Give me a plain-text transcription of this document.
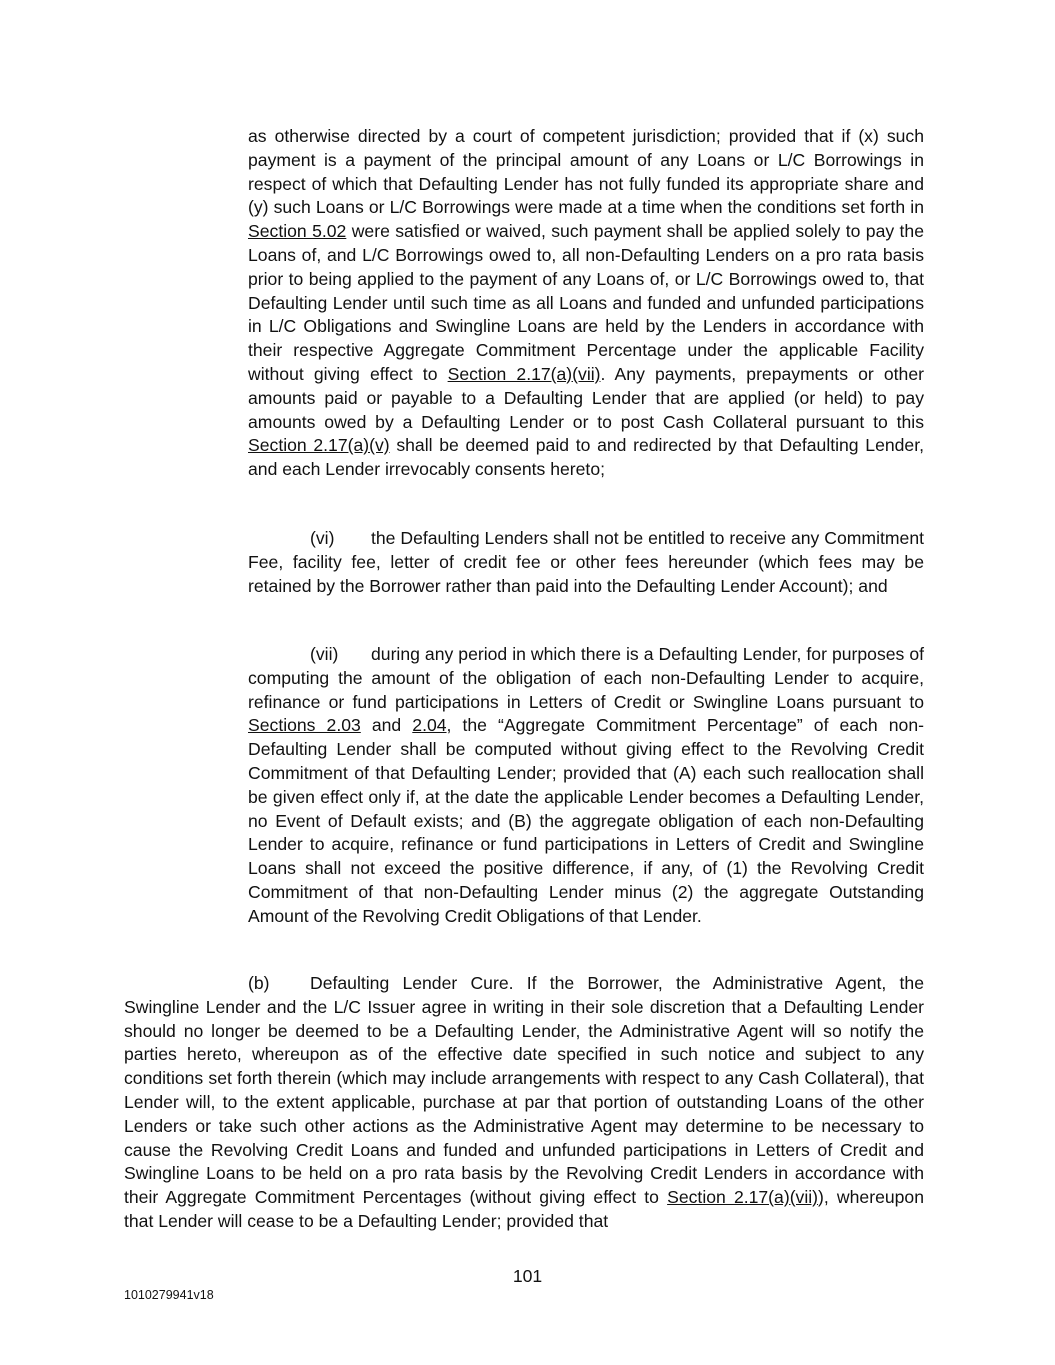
as otherwise directed by a court of competent jurisdiction; provided that if (x) such payment is a payment of the principal amount of any Loans or L/C Borrowings in respect of which that Defaulting Lender has not fully funded its appropriate share and (y) such Loans or L/C Borrowings were made at a time when the conditions set forth in Section 5.02 were satisfied or waived, such payment shall be applied solely to pay the Loans of, and L/C Borrowings owed to, all non-Defaulting Lenders on a pro rata basis prior to being applied to the payment of any Loans of, or L/C Borrowings owed to, that Defaulting Lender until such time as all Loans and funded and unfunded participations in L/C Obligations and Swingline Loans are held by the Lenders in accordance with their respective Aggregate Commitment Percentage under the applicable Facility without giving effect to Section 2.17(a)(vii). Any payments, prepayments or other amounts paid or payable to a Defaulting Lender that are applied (or held) to pay amounts owed by a Defaulting Lender or to post Cash Collateral pursuant to this Section 2.17(a)(v) shall be deemed paid to and redirected by that Defaulting Lender, and each Lender irrevocably consents hereto;

(vi) the Defaulting Lenders shall not be entitled to receive any Commitment Fee, facility fee, letter of credit fee or other fees hereunder (which fees may be retained by the Borrower rather than paid into the Defaulting Lender Account); and

(vii) during any period in which there is a Defaulting Lender, for purposes of computing the amount of the obligation of each non-Defaulting Lender to acquire, refinance or fund participations in Letters of Credit or Swingline Loans pursuant to Sections 2.03 and 2.04, the “Aggregate Commitment Percentage” of each non-Defaulting Lender shall be computed without giving effect to the Revolving Credit Commitment of that Defaulting Lender; provided that (A) each such reallocation shall be given effect only if, at the date the applicable Lender becomes a Defaulting Lender, no Event of Default exists; and (B) the aggregate obligation of each non-Defaulting Lender to acquire, refinance or fund participations in Letters of Credit and Swingline Loans shall not exceed the positive difference, if any, of (1) the Revolving Credit Commitment of that non-Defaulting Lender minus (2) the aggregate Outstanding Amount of the Revolving Credit Obligations of that Lender.

(b) Defaulting Lender Cure. If the Borrower, the Administrative Agent, the Swingline Lender and the L/C Issuer agree in writing in their sole discretion that a Defaulting Lender should no longer be deemed to be a Defaulting Lender, the Administrative Agent will so notify the parties hereto, whereupon as of the effective date specified in such notice and subject to any conditions set forth therein (which may include arrangements with respect to any Cash Collateral), that Lender will, to the extent applicable, purchase at par that portion of outstanding Loans of the other Lenders or take such other actions as the Administrative Agent may determine to be necessary to cause the Revolving Credit Loans and funded and unfunded participations in Letters of Credit and Swingline Loans to be held on a pro rata basis by the Revolving Credit Lenders in accordance with their Aggregate Commitment Percentages (without giving effect to Section 2.17(a)(vii)), whereupon that Lender will cease to be a Defaulting Lender; provided that

101
1010279941v18
